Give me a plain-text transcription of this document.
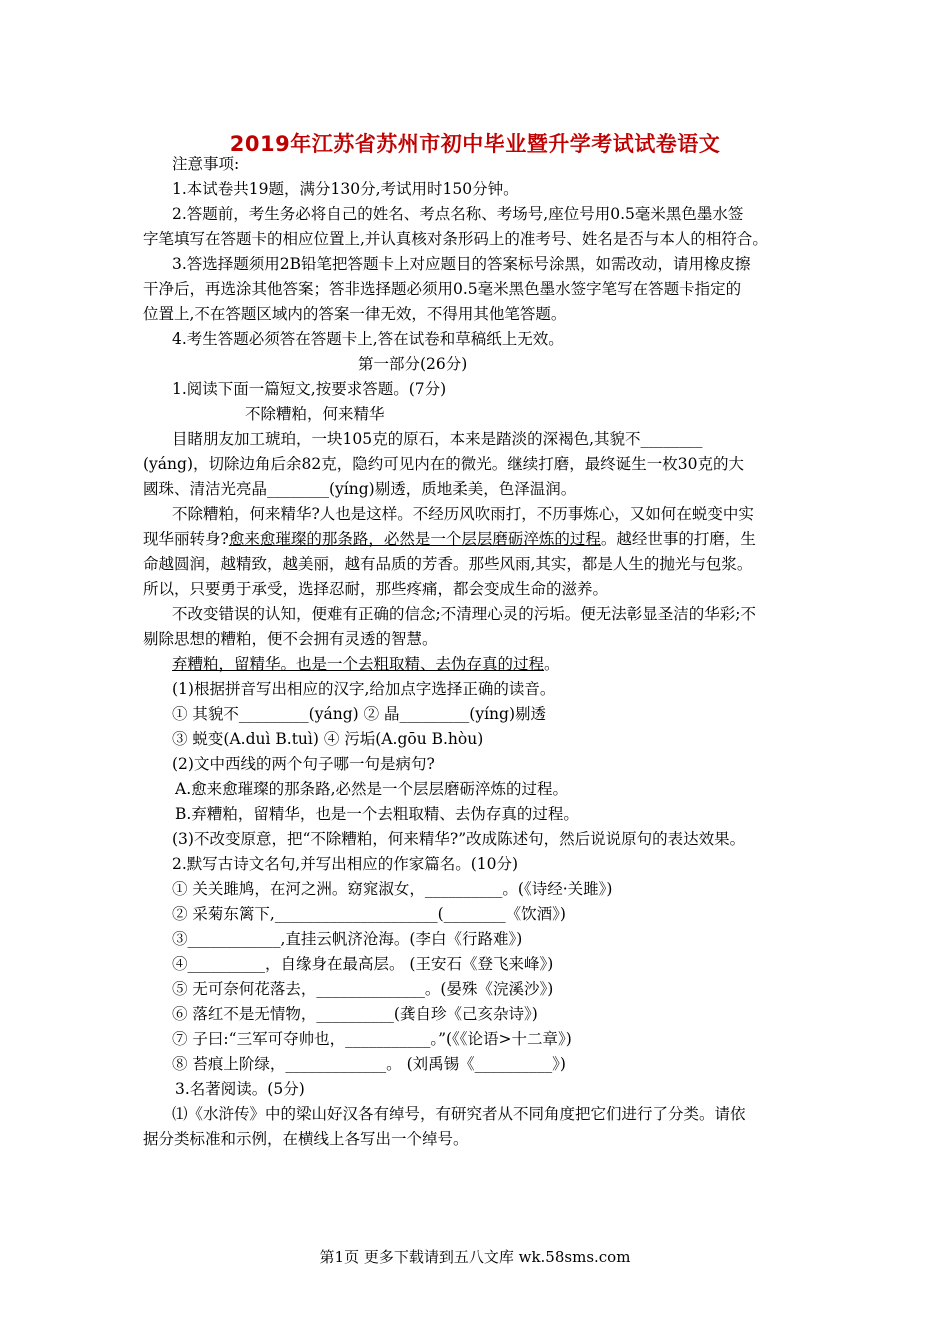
2019年江苏省苏州市初中毕业暨升学考试试卷语文
注意事项:
1.本试卷共19题，满分130分,考试用时150分钟。
2.答题前，考生务必将自己的姓名、考点名称、考场号,座位号用0.5毫米黑色墨水签
字笔填写在答题卡的相应位置上,并认真核对条形码上的准考号、姓名是否与本人的相符合。
3.答选择题须用2B铅笔把答题卡上对应题目的答案标号涂黑，如需改动，请用橡皮擦
干净后，再选涂其他答案；答非选择题必须用0.5毫米黑色墨水签字笔写在答题卡指定的
位置上,不在答题区域内的答案一律无效，不得用其他笔答题。
4.考生答题必须答在答题卡上,答在试卷和草稿纸上无效。
第一部分(26分)
1.阅读下面一篇短文,按要求答题。(7分)
不除糟粕，何来精华
目睹朋友加工琥珀，一块105克的原石，本来是踏淡的深褐色,其貌不________
(yáng)，切除边角后余82克，隐约可见内在的微光。继续打磨，最终诞生一枚30克的大
國珠、清洁光亮晶________(yíng)剔透，质地柔美，色泽温润。
不除糟粕，何来精华?人也是这样。不经历风吹雨打，不历事炼心，又如何在蜕变中实
现华丽转身?愈来愈璀璨的那条路，必然是一个层层磨砺淬炼的过程。越经世事的打磨，生
命越圆润，越精致，越美丽，越有品质的芳香。那些风雨,其实，都是人生的抛光与包浆。
所以，只要勇于承受，选择忍耐，那些疼痛，都会变成生命的滋养。
不改变错误的认知，便难有正确的信念;不清理心灵的污垢。便无法彰显圣洁的华彩;不
剔除思想的糟粕，便不会拥有灵透的智慧。
弃糟粕，留精华。也是一个去粗取精、去伪存真的过程。
(1)根据拼音写出相应的汉字,给加点字选择正确的读音。
① 其貌不_________(yáng) ② 晶_________(yíng)剔透
③ 蜕变(A.duì B.tuì) ④ 污垢(A.gōu B.hòu)
(2)文中西线的两个句子哪一句是病句?
A.愈来愈璀璨的那条路,必然是一个层层磨砺淬炼的过程。
B.弃糟粕，留精华，也是一个去粗取精、去伪存真的过程。
(3)不改变原意，把“不除糟粕，何来精华?”改成陈述句，然后说说原句的表达效果。
2.默写古诗文名句,并写出相应的作家篇名。(10分)
① 关关雎鸠，在河之洲。窈窕淑女，__________。(《诗经·关雎》)
② 采菊东篱下,_____________________(________《饮酒》)
③____________,直挂云帆济沧海。(李白《行路难》)
④__________，自缘身在最高层。 (王安石《登飞来峰》)
⑤ 无可奈何花落去，______________。(晏殊《浣溪沙》)
⑥ 落红不是无情物，__________(龚自珍《己亥杂诗》)
⑦ 子曰:“三军可夺帅也，___________。”(《《论语>十二章》)
⑧ 苔痕上阶绿，_____________。 (刘禹锡《__________》)
3.名著阅读。(5分)
⑴《水浒传》中的梁山好汉各有绰号，有研究者从不同角度把它们进行了分类。请依
据分类标准和示例，在横线上各写出一个绰号。
第1页 更多下载请到五八文库 wk.58sms.com
